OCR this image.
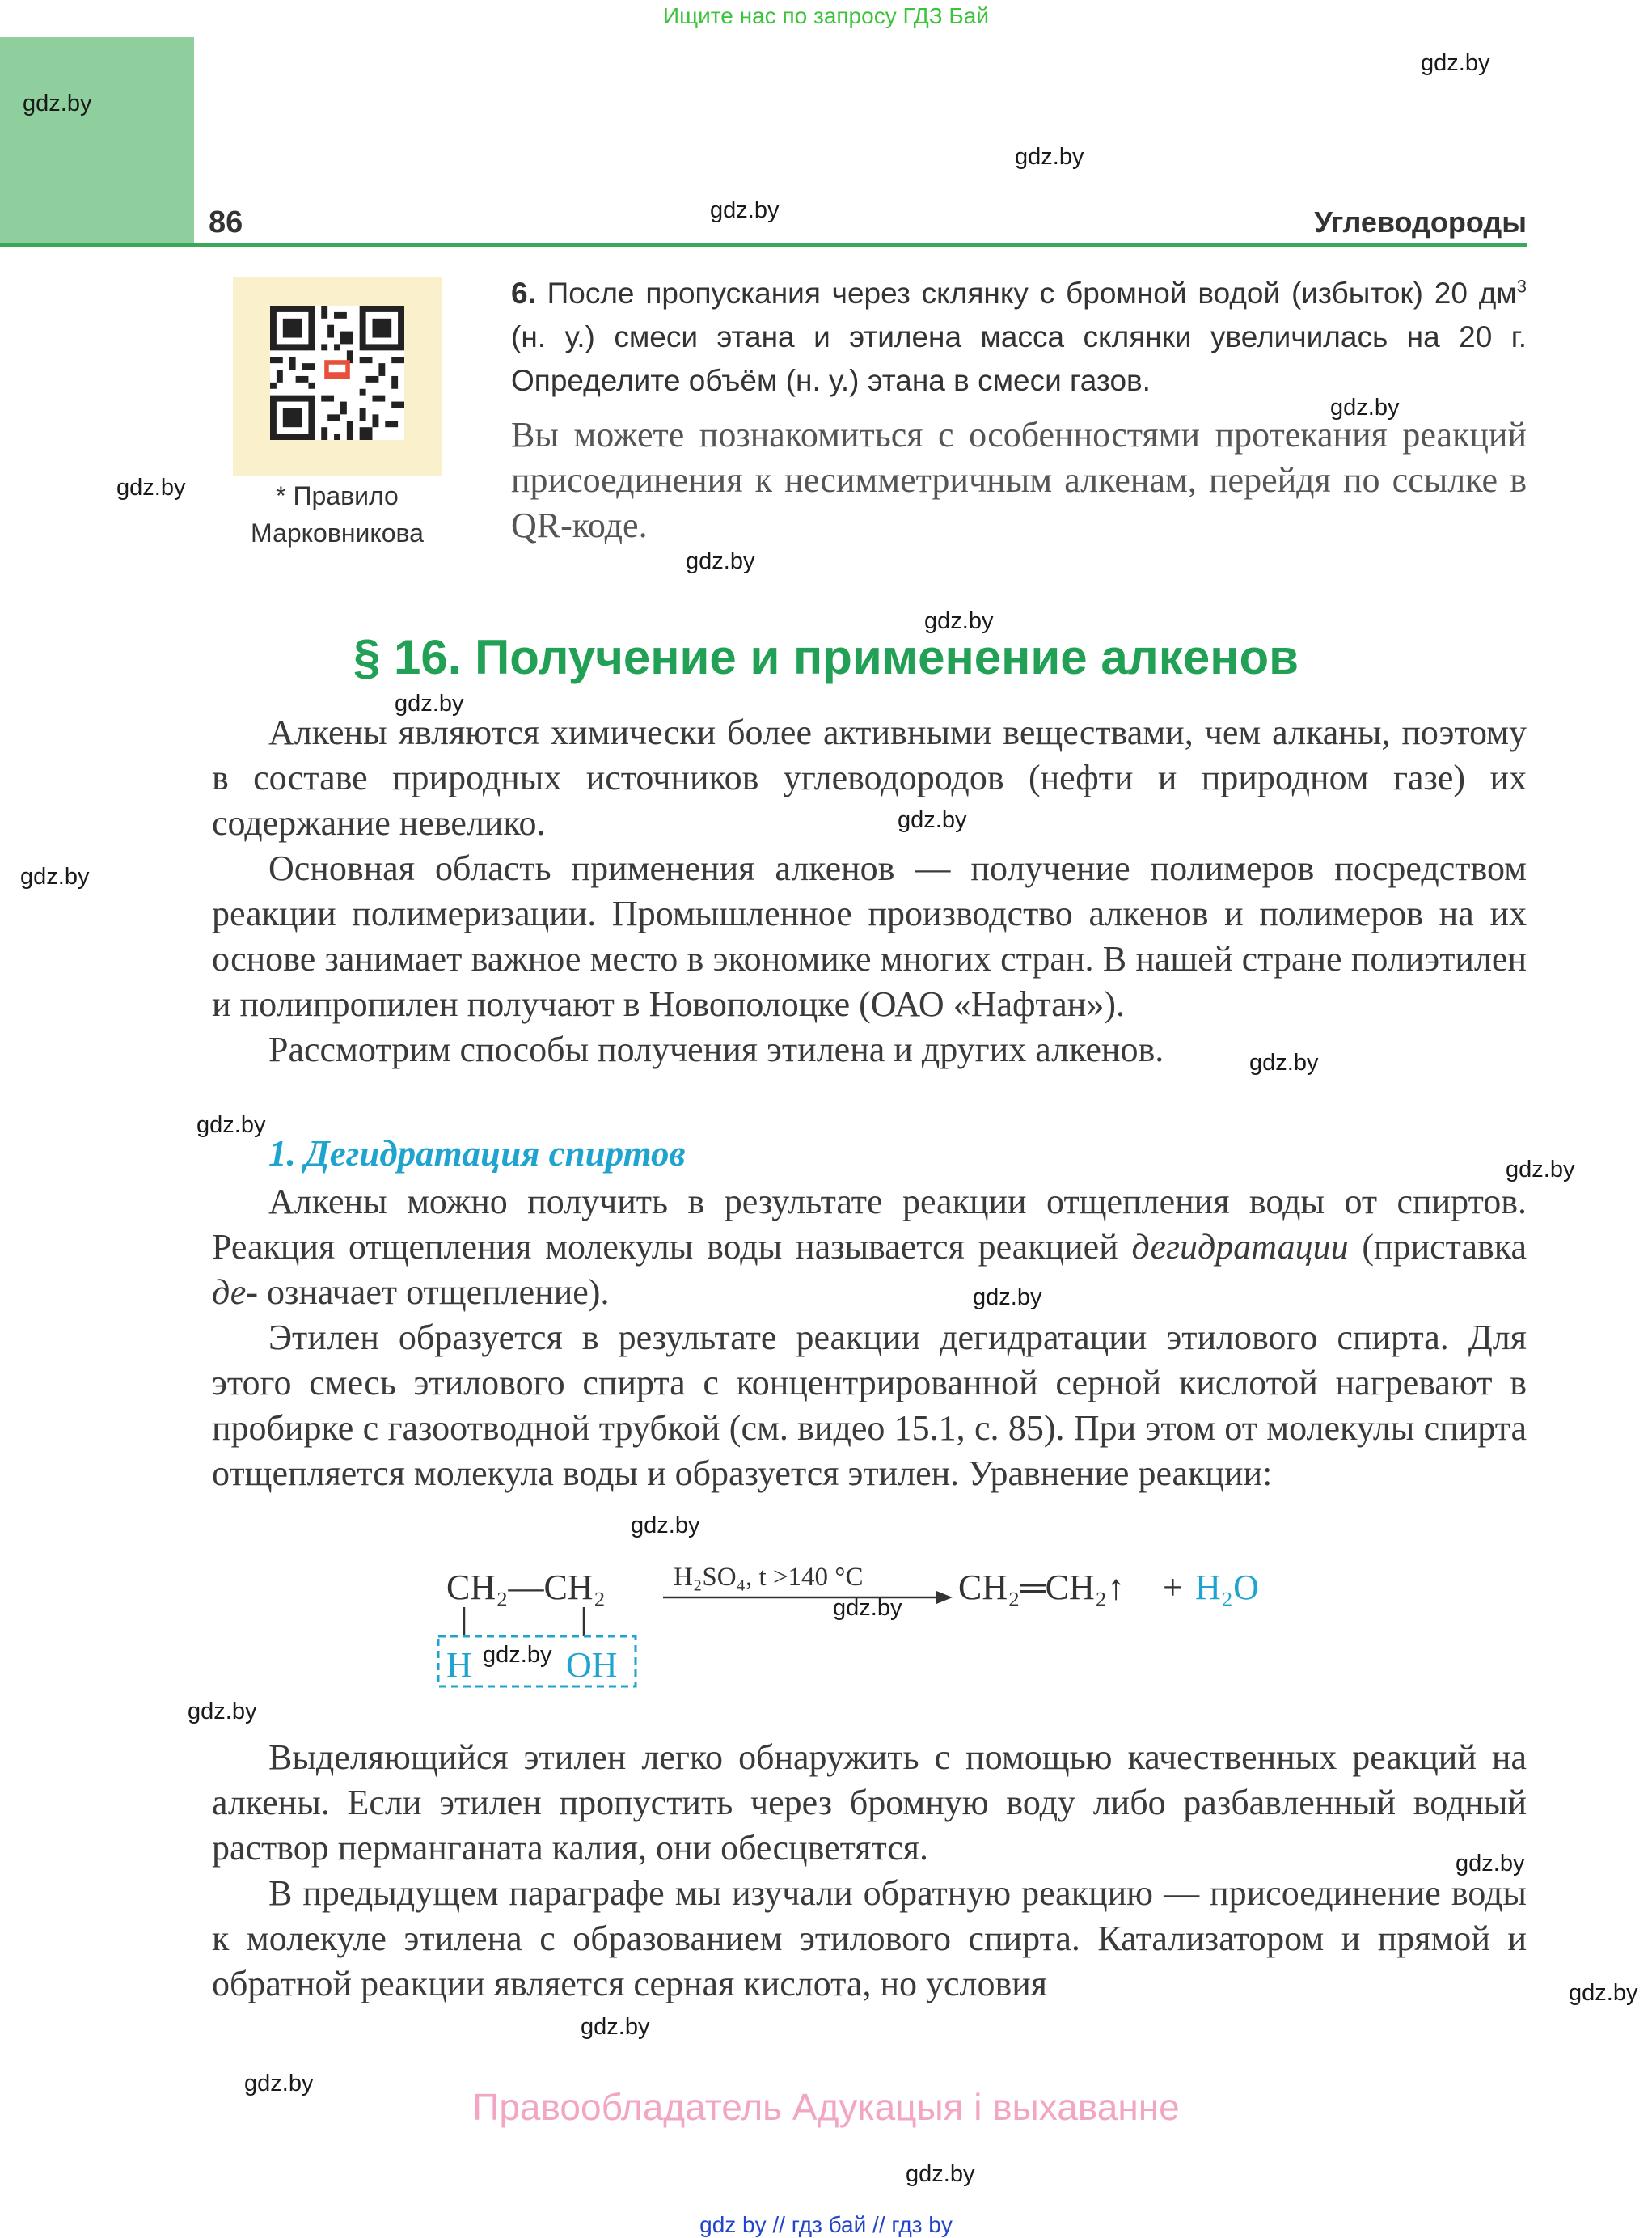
Ищите нас по запросу ГДЗ Бай
86	Углеводороды
* Правило
Марковникова
6. После пропускания через склянку с бромной водой (избыток) 20 $дм^3$ (н. у.) смеси этана и этилена масса склянки увеличилась на 20 г. Определите объём (н. у.) этана в смеси газов.
Вы можете познакомиться с особенностями протекания реакций присоединения к несимметричным алкенам, перейдя по ссылке в QR-коде.
§ 16. Получение и применение алкенов

Алкены являются химически более активными веществами, чем алканы, поэтому в составе природных источников углеводородов (нефти и природном газе) их содержание невелико.

Основная область применения алкенов — получение полимеров посредством реакции полимеризации. Промышленное производство алкенов и полимеров на их основе занимает важное место в экономике многих стран. В нашей стране полиэтилен и полипропилен получают в Новополоцке (ОАО «Нафтан»).

Рассмотрим способы получения этилена и других алкенов.

1. Дегидратация спиртов

Алкены можно получить в результате реакции отщепления воды от спиртов. Реакция отщепления молекулы воды называется реакцией дегидратации (приставка де- означает отщепление).

Этилен образуется в результате реакции дегидратации этилового спирта. Для этого смесь этилового спирта с концентрированной серной кислотой нагревают в пробирке с газоотводной трубкой (см. видео 15.1, с. 85). При этом от молекулы спирта отщепляется молекула воды и образуется этилен. Уравнение реакции:

CH₂—CH₂
H	OH
H₂SO₄, t >140 °C	CH₂═CH₂↑ + H₂O

Выделяющийся этилен легко обнаружить с помощью качественных реакций на алкены. Если этилен пропустить через бромную воду либо разбавленный водный раствор перманганата калия, они обесцветятся.

В предыдущем параграфе мы изучали обратную реакцию — присоединение воды к молекуле этилена с образованием этилового спирта. Катализатором и прямой и обратной реакции является серная кислота, но условия

gdz.by
gdz.by
gdz.by
gdz.by
gdz.by
gdz.by
gdz.by
gdz.by
gdz.by
gdz.by
gdz.by
gdz.by
gdz.by
gdz.by
gdz.by
gdz.by
gdz.by
gdz.by
gdz.by
gdz.by
gdz.by
gdz.by
gdz.by
gdz.by
Правообладатель Адукацыя і выхаванне
gdz by // гдз бай // гдз by
